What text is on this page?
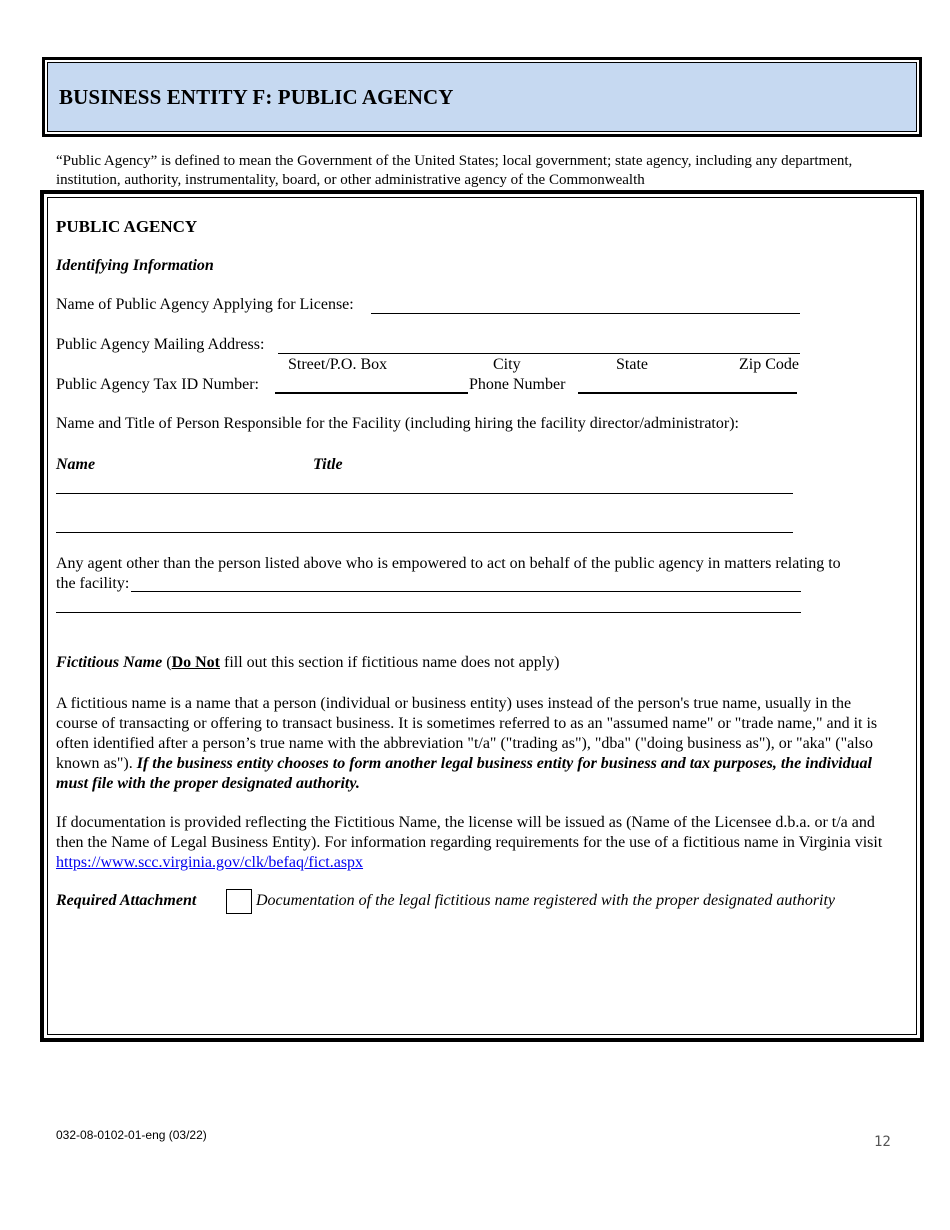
BUSINESS ENTITY F: PUBLIC AGENCY
“Public Agency” is defined to mean the Government of the United States; local government; state agency, including any department, institution, authority, instrumentality, board, or other administrative agency of the Commonwealth
PUBLIC AGENCY
Identifying Information
Name of Public Agency Applying for License:
Public Agency Mailing Address:
Street/P.O. Box	City	State	Zip Code
Public Agency Tax ID Number:	Phone Number
Name and Title of Person Responsible for the Facility (including hiring the facility director/administrator):
Name	Title
Any agent other than the person listed above who is empowered to act on behalf of the public agency in matters relating to
the facility:
Fictitious Name (Do Not fill out this section if fictitious name does not apply)
A fictitious name is a name that a person (individual or business entity) uses instead of the person's true name, usually in the course of transacting or offering to transact business. It is sometimes referred to as an "assumed name" or "trade name," and it is often identified after a person’s true name with the abbreviation "t/a" ("trading as"), "dba" ("doing business as"), or "aka" ("also known as"). If the business entity chooses to form another legal business entity for business and tax purposes, the individual must file with the proper designated authority.
If documentation is provided reflecting the Fictitious Name, the license will be issued as (Name of the Licensee d.b.a. or t/a and then the Name of Legal Business Entity). For information regarding requirements for the use of a fictitious name in Virginia visit https://www.scc.virginia.gov/clk/befaq/fict.aspx
Required Attachment	Documentation of the legal fictitious name registered with the proper designated authority
032-08-0102-01-eng (03/22)	12
